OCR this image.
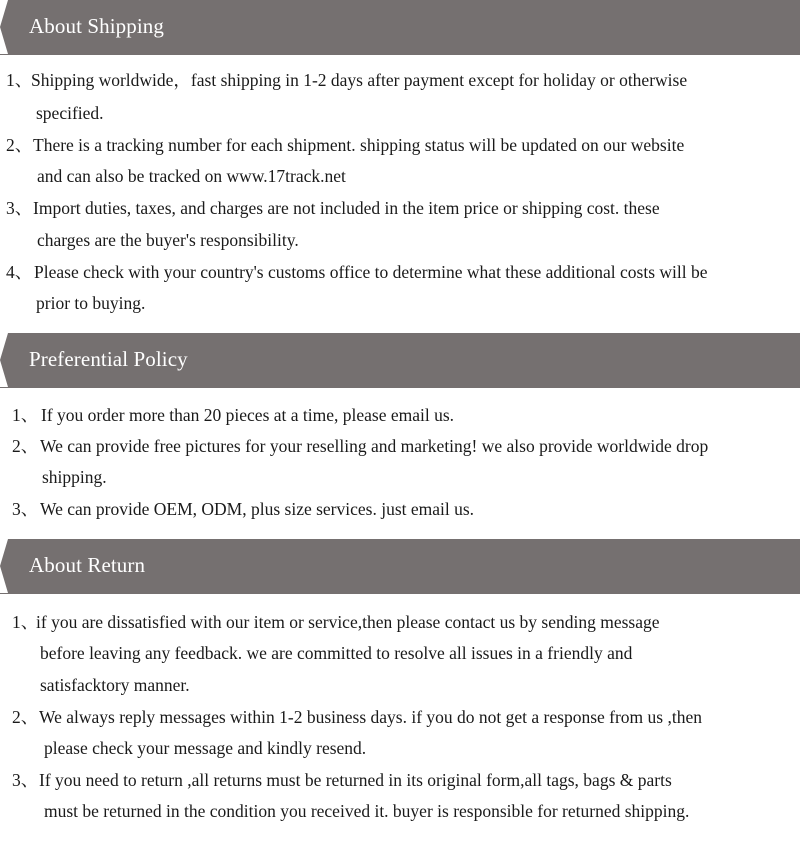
About Shipping
1、
Shipping worldwide，fast shipping in 1-2 days after payment except for holiday or otherwise
specified.
2、 There is a tracking number for each shipment. shipping status will be updated on our website
and can also be tracked on www.17track.net
3、 Import duties, taxes, and charges are not included in the item price or shipping cost. these
charges are the buyer's responsibility.
4、 Please check with your country's customs office to determine what these additional costs will be
prior to buying.
Preferential Policy
1、 If you order more than 20 pieces at a time, please email us.
2、 We can provide free pictures for your reselling and marketing! we also provide worldwide drop
shipping.
3、 We can provide OEM, ODM, plus size services. just email us.
About Return
1、
if you are dissatisfied with our item or service,then please contact us by sending message
before leaving any feedback. we are committed to resolve all issues in a friendly and
satisfacktory manner.
2、 We always reply messages within 1-2 business days. if you do not get a response from us ,then
please check your message and kindly resend.
3、 If you need to return ,all returns must be returned in its original form,all tags, bags & parts
must be returned in the condition you received it. buyer is responsible for returned shipping.
